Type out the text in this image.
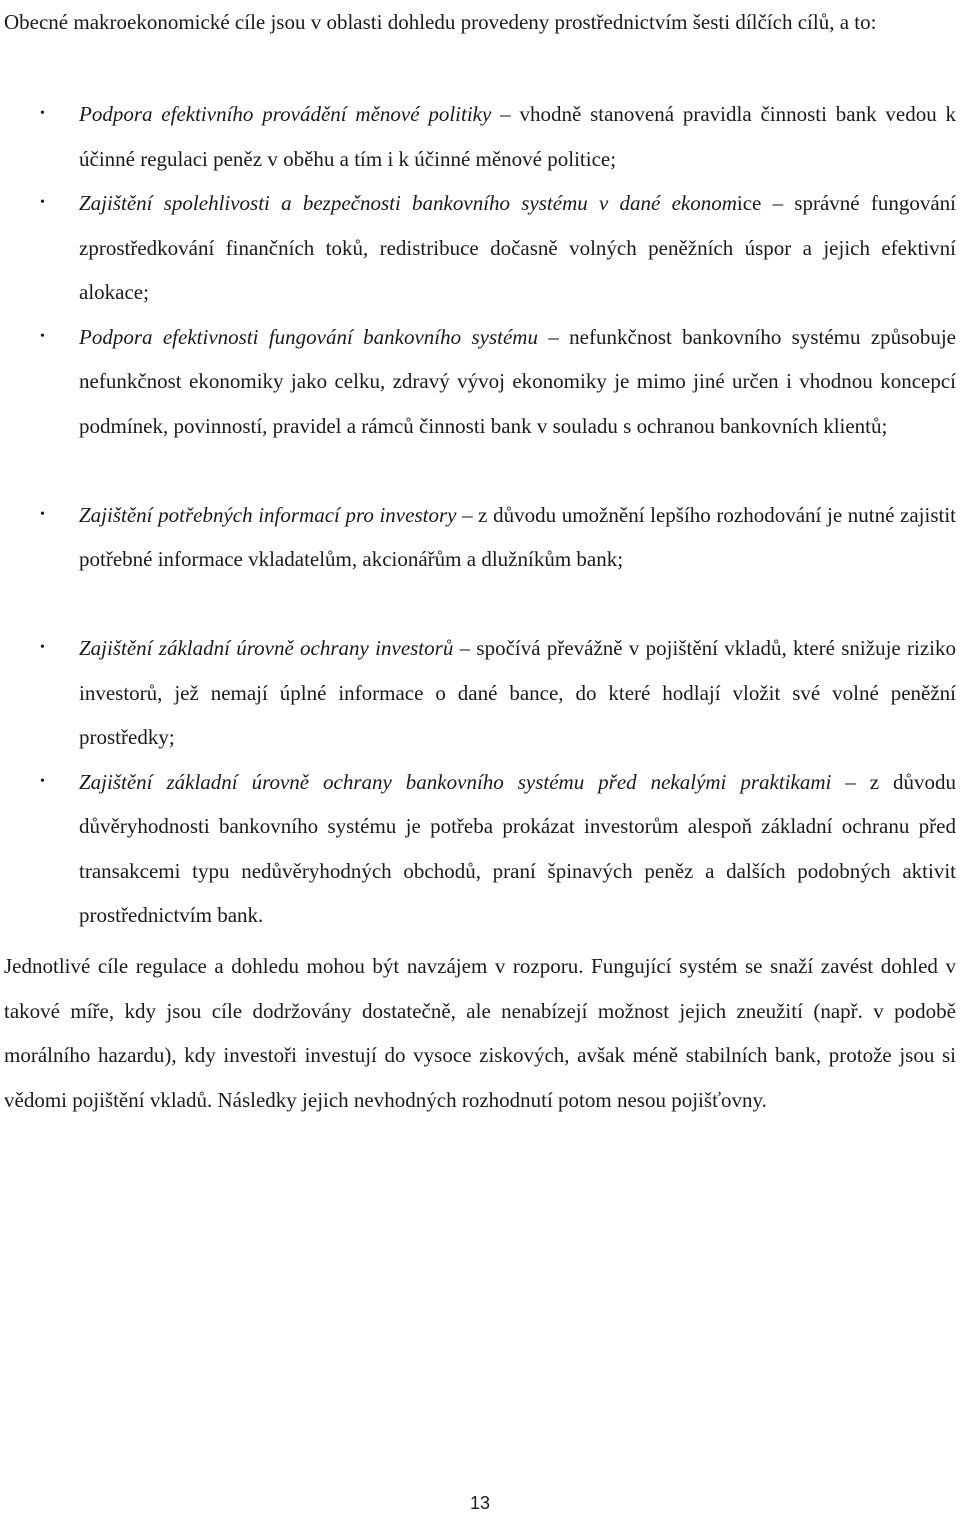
Obecné makroekonomické cíle jsou v oblasti dohledu provedeny prostřednictvím šesti dílčích cílů, a to:

• Podpora efektivního provádění měnové politiky – vhodně stanovená pravidla činnosti bank vedou k účinné regulaci peněz v oběhu a tím i k účinné měnové politice;
• Zajištění spolehlivosti a bezpečnosti bankovního systému v dané ekonomice – správné fungování zprostředkování finančních toků, redistribuce dočasně volných peněžních úspor a jejich efektivní alokace;
• Podpora efektivnosti fungování bankovního systému – nefunkčnost bankovního systému způsobuje nefunkčnost ekonomiky jako celku, zdravý vývoj ekonomiky je mimo jiné určen i vhodnou koncepcí podmínek, povinností, pravidel a rámců činnosti bank v souladu s ochranou bankovních klientů;
• Zajištění potřebných informací pro investory – z důvodu umožnění lepšího rozhodování je nutné zajistit potřebné informace vkladatelům, akcionářům a dlužníkům bank;
• Zajištění základní úrovně ochrany investorů – spočívá převážně v pojištění vkladů, které snižuje riziko investorů, jež nemají úplné informace o dané bance, do které hodlají vložit své volné peněžní prostředky;
• Zajištění základní úrovně ochrany bankovního systému před nekalými praktikami – z důvodu důvěryhodnosti bankovního systému je potřeba prokázat investorům alespoň základní ochranu před transakcemi typu nedůvěryhodných obchodů, praní špinavých peněz a dalších podobných aktivit prostřednictvím bank.

Jednotlivé cíle regulace a dohledu mohou být navzájem v rozporu. Fungující systém se snaží zavést dohled v takové míře, kdy jsou cíle dodržovány dostatečně, ale nenabízejí možnost jejich zneužití (např. v podobě morálního hazardu), kdy investoři investují do vysoce ziskových, avšak méně stabilních bank, protože jsou si vědomi pojištění vkladů. Následky jejich nevhodných rozhodnutí potom nesou pojišťovny.

13
